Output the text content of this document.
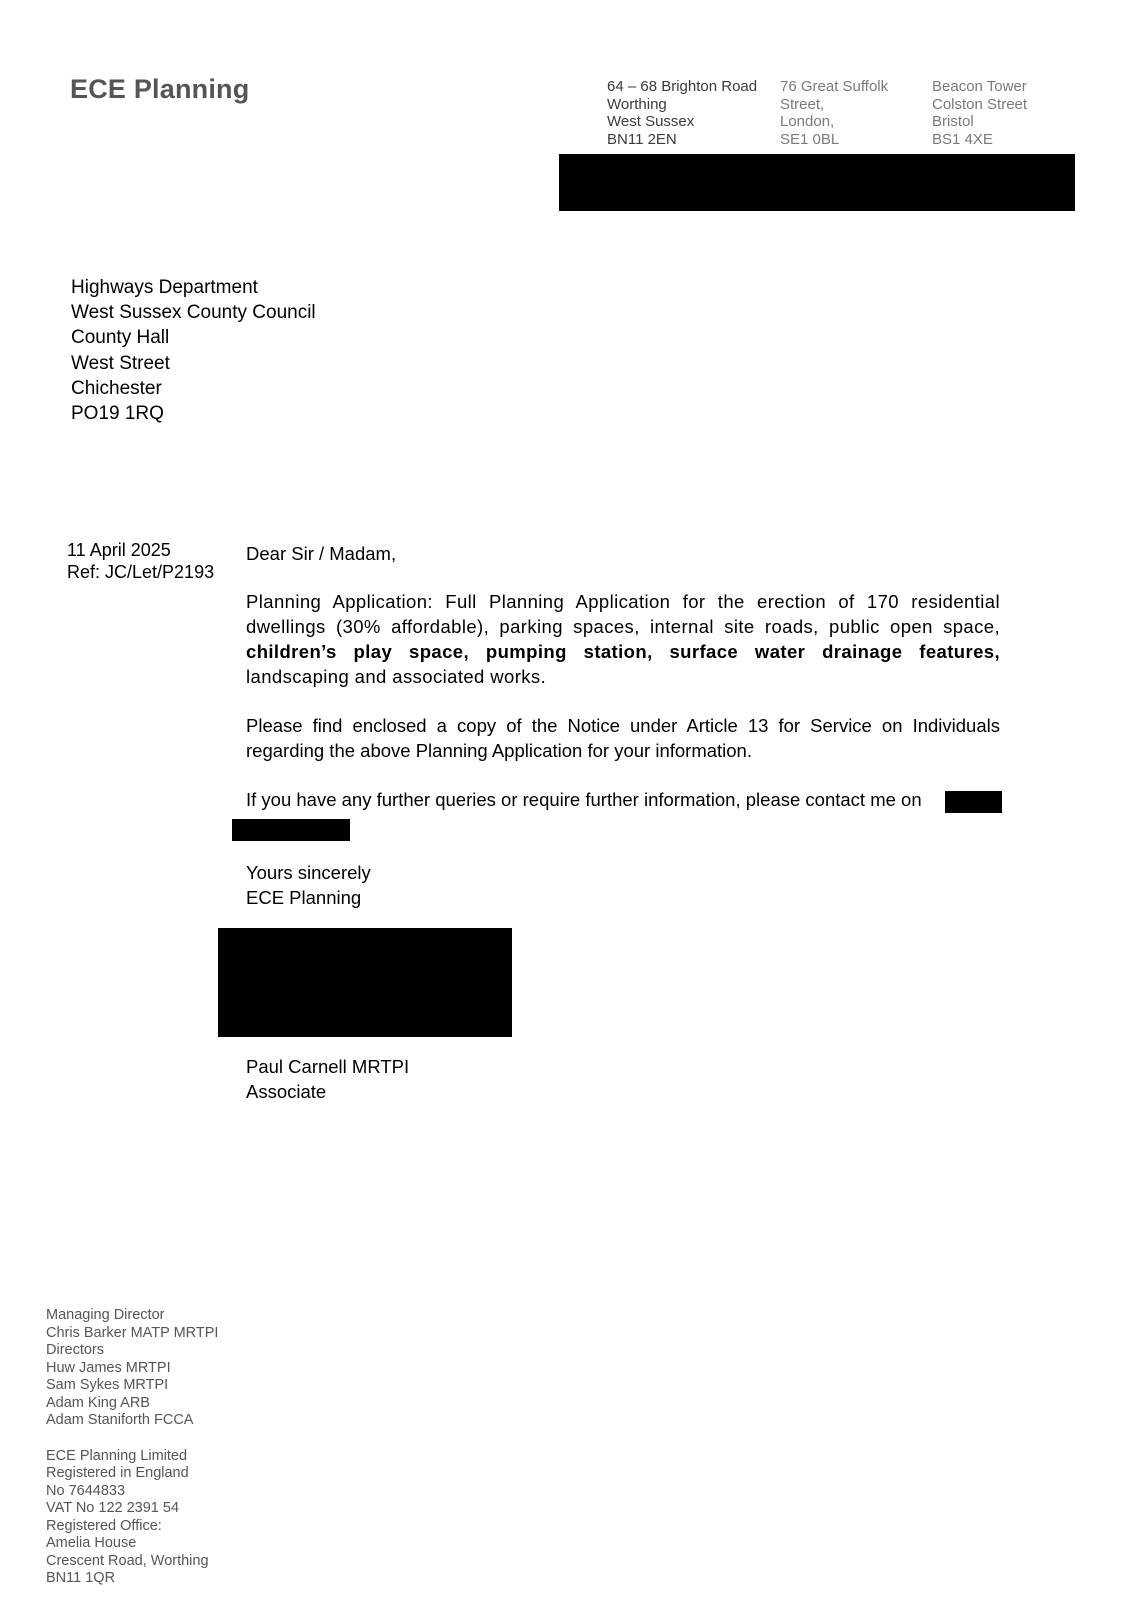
ECE Planning	64 – 68 Brighton Road
Worthing
West Sussex
BN11 2EN
76 Great Suffolk
Street,
London,
SE1 0BL
Beacon Tower
Colston Street
Bristol
BS1 4XE
Highways Department
West Sussex County Council
County Hall
West Street
Chichester
PO19 1RQ
11 April 2025
Ref: JC/Let/P2193

Dear Sir / Madam,

Planning Application: Full Planning Application for the erection of 170 residential dwellings (30% affordable), parking spaces, internal site roads, public open space, children’s play space, pumping station, surface water drainage features, landscaping and associated works.

Please find enclosed a copy of the Notice under Article 13 for Service on Individuals regarding the above Planning Application for your information.

If you have any further queries or require further information, please contact me on

Yours sincerely
ECE Planning
Paul Carnell MRTPI
Associate
Managing Director
Chris Barker MATP MRTPI
Directors
Huw James MRTPI
Sam Sykes MRTPI
Adam King ARB
Adam Staniforth FCCA
ECE Planning Limited
Registered in England
No 7644833
VAT No 122 2391 54
Registered Office:
Amelia House
Crescent Road, Worthing
BN11 1QR
